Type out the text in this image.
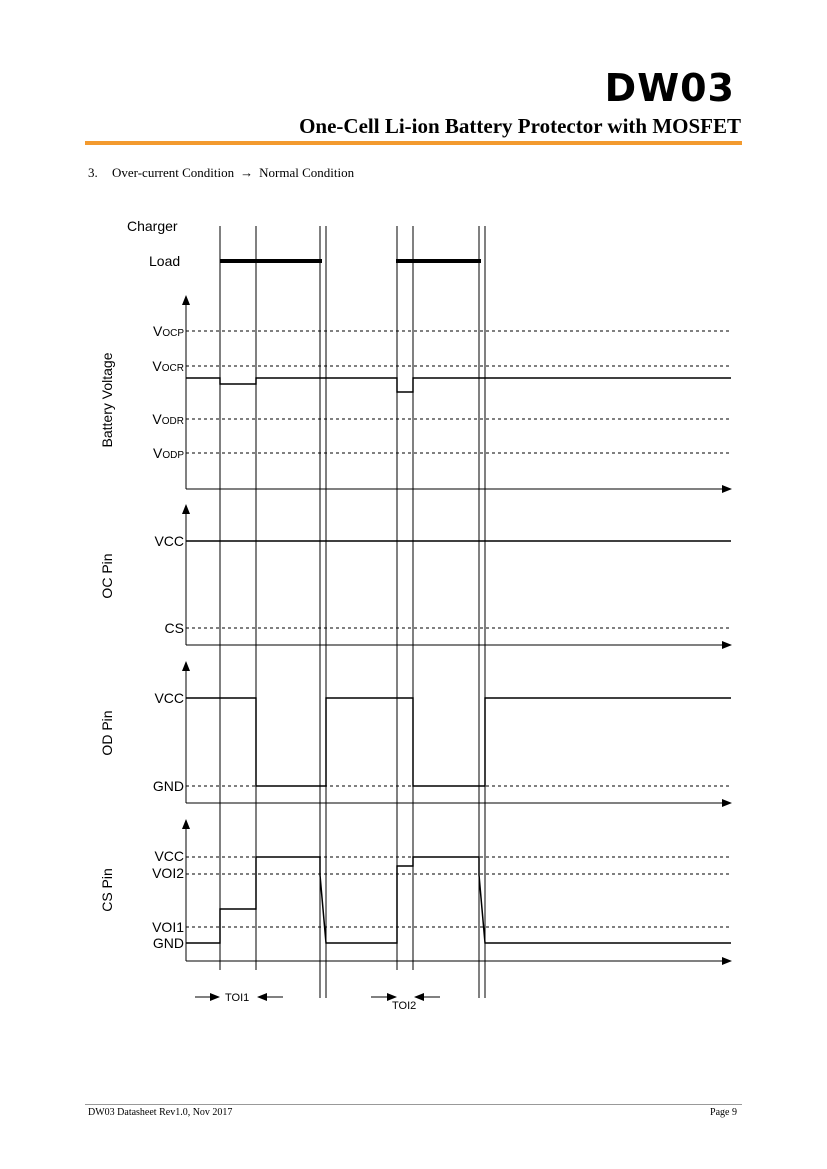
DW03
One-Cell Li-ion Battery Protector with MOSFET
3. Over-current Condition → Normal Condition
Charger
Load
Battery Voltage
VOCP
VOCR
VODR
VODP
OC Pin
VCC
CS
OD Pin
VCC
GND
CS Pin
VCC
VOI2
VOI1
GND
TOI1
TOI2
DW03 Datasheet Rev1.0, Nov 2017	Page 9
